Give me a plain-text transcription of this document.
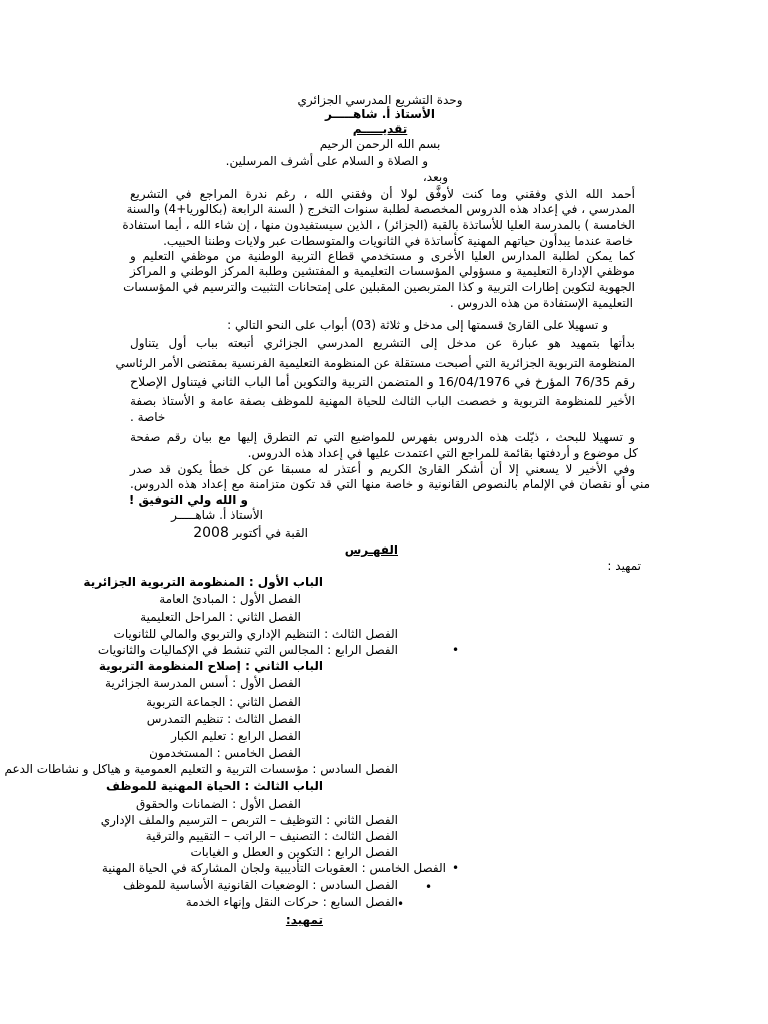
وحدة التشريع المدرسي الجزائري
الأستاذ أ. شاهـــــر
تقديـــــم
بسم الله الرحمن الرحيم
و الصلاة و السلام على أشرف المرسلين.
وبعد،
أحمد الله الذي وفقني وما كنت لأوفَّق لولا أن وفقني الله ، رغم ندرة المراجع في التشريع
المدرسي ، في إعداد هذه الدروس المخصصة لطلبة سنوات التخرج ( السنة الرابعة (بكالوريا+4) والسنة
الخامسة ) بالمدرسة العليا للأساتذة بالقبة (الجزائر) ، الذين سيستفيدون منها ، إن شاء الله ، أيما استفادة
خاصة عندما يبدأون حياتهم المهنية كأساتذة في الثانويات والمتوسطات عبر ولايات وطننا الحبيب.
كما يمكن لطلبة المدارس العليا الأخرى و مستخدمي قطاع التربية الوطنية من موظفي التعليم و
موظفي الإدارة التعليمية و مسؤولي المؤسسات التعليمية و المفتشين وطلبة المركز الوطني و المراكز
الجهوية لتكوين إطارات التربية و كذا المتربصين المقبلين على إمتحانات التثبيت والترسيم في المؤسسات
التعليمية الإستفادة من هذه الدروس .
و تسهيلا على القارئ قسمتها إلى مدخل و ثلاثة (03) أبواب على النحو التالي :
بدأتها بتمهيد هو عبارة عن مدخل إلى التشريع المدرسي الجزائري أتبعته بباب أول يتناول
المنظومة التربوية الجزائرية التي أصبحت مستقلة عن المنظومة التعليمية الفرنسية بمقتضى الأمر الرئاسي
رقم 76/35 المؤرخ في 16/04/1976 و المتضمن التربية والتكوين أما الباب الثاني فيتناول الإصلاح
الأخير للمنظومة التربوية و خصصت الباب الثالث للحياة المهنية للموظف بصفة عامة و الأستاذ بصفة
خاصة .
و تسهيلا للبحث ، ذيّلت هذه الدروس بفهرس للمواضيع التي تم التطرق إليها مع بيان رقم صفحة
كل موضوع و أردفتها بقائمة للمراجع التي اعتمدت عليها في إعداد هذه الدروس.
وفي الأخير لا يسعني إلا أن أشكر القارئ الكريم و أعتذر له مسبقا عن كل خطأ يكون قد صدر
مني أو نقصان في الإلمام بالنصوص القانونية و خاصة منها التي قد تكون متزامنة مع إعداد هذه الدروس.
و الله ولي التوفيق !
الأستاذ أ. شاهـــــر
القبة في أكتوبر 2008
الفهـرس
تمهيد :
الباب الأول : المنظومة التربوية الجزائرية
الفصل الأول : المبادئ العامة
الفصل الثاني : المراحل التعليمية
الفصل الثالث : التنظيم الإداري والتربوي والمالي للثانويات
الفصل الرابع : المجالس التي تنشط في الإكماليات والثانويات	•
الباب الثاني : إصلاح المنظومة التربوية
الفصل الأول : أسس المدرسة الجزائرية
الفصل الثاني : الجماعة التربوية
الفصل الثالث : تنظيم التمدرس
الفصل الرابع : تعليم الكبار
الفصل الخامس : المستخدمون
الفصل السادس : مؤسسات التربية و التعليم العمومية و هياكل و نشاطات الدعم
الباب الثالث : الحياة المهنية للموظف
الفصل الأول : الضمانات والحقوق
الفصل الثاني : التوظيف – التربص – الترسيم والملف الإداري
الفصل الثالث : التصنيف – الراتب – التقييم والترقية
الفصل الرابع : التكوين و العطل و الغيابات
الفصل الخامس : العقوبات التأديبية ولجان المشاركة في الحياة المهنية •
الفصل السادس : الوضعيات القانونية الأساسية للموظف •
الفصل السابع : حركات النقل وإنهاء الخدمة •
تمهيد:
